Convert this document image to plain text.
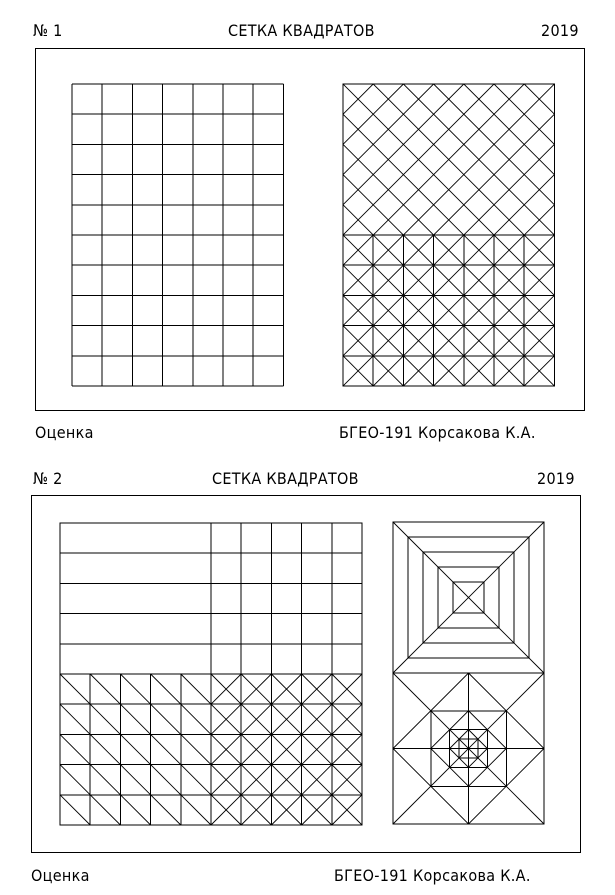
№ 1	СЕТКА КВАДРАТОВ	2019
Оценка	БГЕО-191 Корсакова К.А.
№ 2	СЕТКА КВАДРАТОВ	2019
Оценка	БГЕО-191 Корсакова К.А.
